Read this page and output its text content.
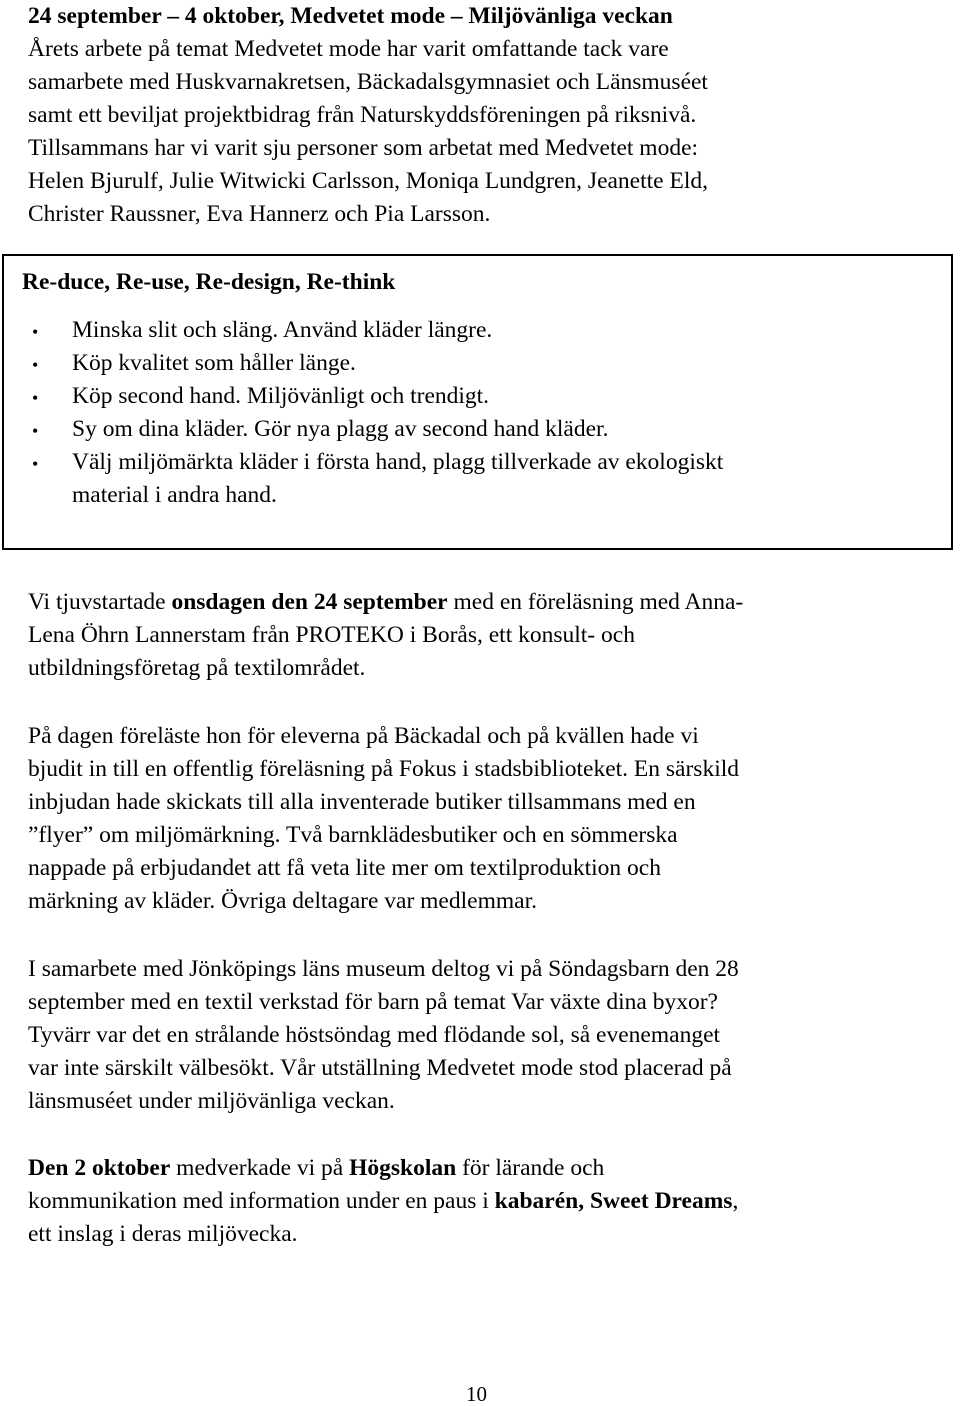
24 september – 4 oktober, Medvetet mode – Miljövänliga veckan
Årets arbete på temat Medvetet mode har varit omfattande tack vare
samarbete med Huskvarnakretsen, Bäckadalsgymnasiet och Länsmuséet
samt ett beviljat projektbidrag från Naturskyddsföreningen på riksnivå.
Tillsammans har vi varit sju personer som arbetat med Medvetet mode:
Helen Bjurulf, Julie Witwicki Carlsson, Moniqa Lundgren, Jeanette Eld,
Christer Raussner, Eva Hannerz och Pia Larsson.
Re-duce, Re-use, Re-design, Re-think
• Minska slit och släng. Använd kläder längre.
• Köp kvalitet som håller länge.
• Köp second hand. Miljövänligt och trendigt.
• Sy om dina kläder. Gör nya plagg av second hand kläder.
• Välj miljömärkta kläder i första hand, plagg tillverkade av ekologiskt
material i andra hand.
Vi tjuvstartade onsdagen den 24 september med en föreläsning med Anna-
Lena Öhrn Lannerstam från PROTEKO i Borås, ett konsult- och
utbildningsföretag på textilområdet.
På dagen föreläste hon för eleverna på Bäckadal och på kvällen hade vi
bjudit in till en offentlig föreläsning på Fokus i stadsbiblioteket. En särskild
inbjudan hade skickats till alla inventerade butiker tillsammans med en
”flyer” om miljömärkning. Två barnklädesbutiker och en sömmerska
nappade på erbjudandet att få veta lite mer om textilproduktion och
märkning av kläder. Övriga deltagare var medlemmar.
I samarbete med Jönköpings läns museum deltog vi på Söndagsbarn den 28
september med en textil verkstad för barn på temat Var växte dina byxor?
Tyvärr var det en strålande höstsöndag med flödande sol, så evenemanget
var inte särskilt välbesökt. Vår utställning Medvetet mode stod placerad på
länsmuséet under miljövänliga veckan.
Den 2 oktober medverkade vi på Högskolan för lärande och
kommunikation med information under en paus i kabarén, Sweet Dreams,
ett inslag i deras miljövecka.
10
